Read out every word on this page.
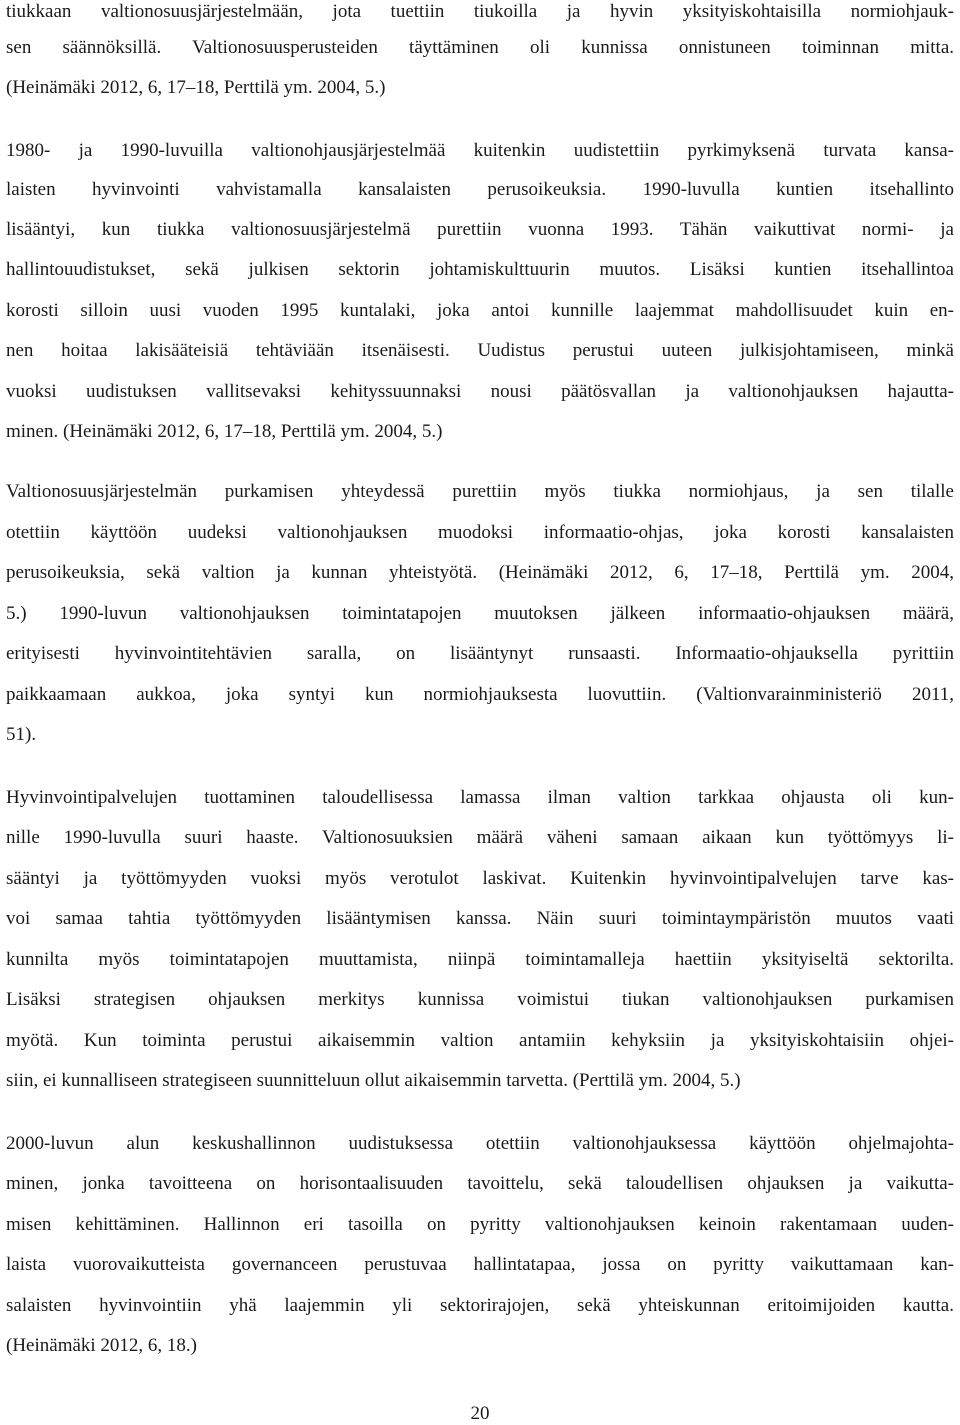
tiukkaan valtionosuusjärjestelmään, jota tuettiin tiukoilla ja hyvin yksityiskohtaisilla normiohjauk-
sen säännöksillä. Valtionosuusperusteiden täyttäminen oli kunnissa onnistuneen toiminnan mitta.
(Heinämäki 2012, 6, 17–18, Perttilä ym. 2004, 5.)
1980- ja 1990-luvuilla valtionohjausjärjestelmää kuitenkin uudistettiin pyrkimyksenä turvata kansa-
laisten hyvinvointi vahvistamalla kansalaisten perusoikeuksia. 1990-luvulla kuntien itsehallinto
lisääntyi, kun tiukka valtionosuusjärjestelmä purettiin vuonna 1993. Tähän vaikuttivat normi- ja
hallintouudistukset, sekä julkisen sektorin johtamiskulttuurin muutos. Lisäksi kuntien itsehallintoa
korosti silloin uusi vuoden 1995 kuntalaki, joka antoi kunnille laajemmat mahdollisuudet kuin en-
nen hoitaa lakisääteisiä tehtäviään itsenäisesti. Uudistus perustui uuteen julkisjohtamiseen, minkä
vuoksi uudistuksen vallitsevaksi kehityssuunnaksi nousi päätösvallan ja valtionohjauksen hajautta-
minen. (Heinämäki 2012, 6, 17–18, Perttilä ym. 2004, 5.)
Valtionosuusjärjestelmän purkamisen yhteydessä purettiin myös tiukka normiohjaus, ja sen tilalle
otettiin käyttöön uudeksi valtionohjauksen muodoksi informaatio-ohjas, joka korosti kansalaisten
perusoikeuksia, sekä valtion ja kunnan yhteistyötä. (Heinämäki 2012, 6, 17–18, Perttilä ym. 2004,
5.) 1990-luvun valtionohjauksen toimintatapojen muutoksen jälkeen informaatio-ohjauksen määrä,
erityisesti hyvinvointitehtävien saralla, on lisääntynyt runsaasti. Informaatio-ohjauksella pyrittiin
paikkaamaan aukkoa, joka syntyi kun normiohjauksesta luovuttiin. (Valtionvarainministeriö 2011,
51).
Hyvinvointipalvelujen tuottaminen taloudellisessa lamassa ilman valtion tarkkaa ohjausta oli kun-
nille 1990-luvulla suuri haaste. Valtionosuuksien määrä väheni samaan aikaan kun työttömyys li-
sääntyi ja työttömyyden vuoksi myös verotulot laskivat. Kuitenkin hyvinvointipalvelujen tarve kas-
voi samaa tahtia työttömyyden lisääntymisen kanssa. Näin suuri toimintaympäristön muutos vaati
kunnilta myös toimintatapojen muuttamista, niinpä toimintamalleja haettiin yksityiseltä sektorilta.
Lisäksi strategisen ohjauksen merkitys kunnissa voimistui tiukan valtionohjauksen purkamisen
myötä. Kun toiminta perustui aikaisemmin valtion antamiin kehyksiin ja yksityiskohtaisiin ohjei-
siin, ei kunnalliseen strategiseen suunnitteluun ollut aikaisemmin tarvetta. (Perttilä ym. 2004, 5.)
2000-luvun alun keskushallinnon uudistuksessa otettiin valtionohjauksessa käyttöön ohjelmajohta-
minen, jonka tavoitteena on horisontaalisuuden tavoittelu, sekä taloudellisen ohjauksen ja vaikutta-
misen kehittäminen. Hallinnon eri tasoilla on pyritty valtionohjauksen keinoin rakentamaan uuden-
laista vuorovaikutteista governanceen perustuvaa hallintatapaa, jossa on pyritty vaikuttamaan kan-
salaisten hyvinvointiin yhä laajemmin yli sektorirajojen, sekä yhteiskunnan eritoimijoiden kautta.
(Heinämäki 2012, 6, 18.)
20
